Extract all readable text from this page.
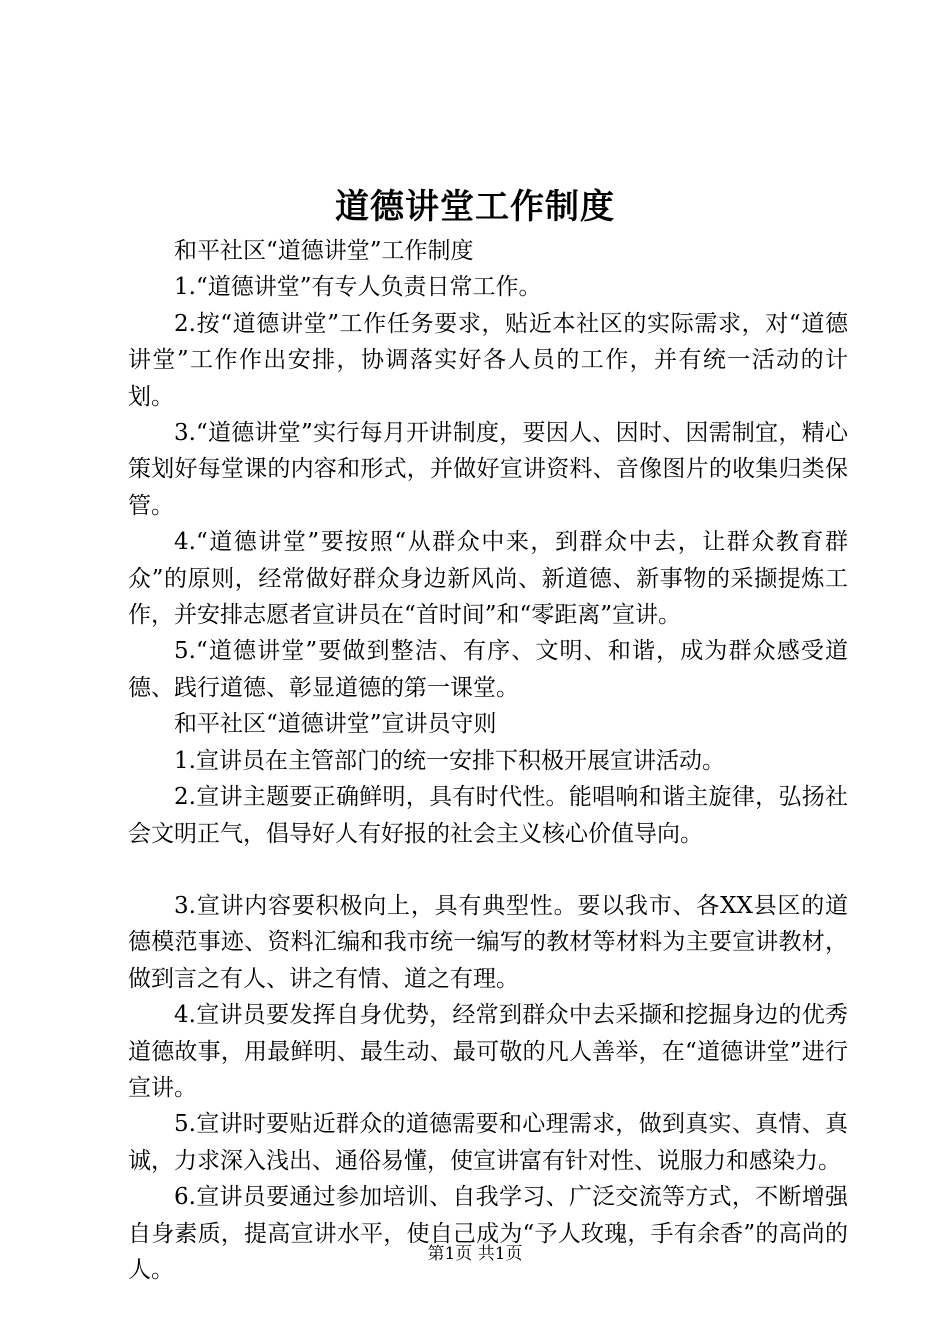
道德讲堂工作制度

和平社区“道德讲堂”工作制度

1.“道德讲堂”有专人负责日常工作。

2.按“道德讲堂”工作任务要求，贴近本社区的实际需求，对“道德讲堂”工作作出安排，协调落实好各人员的工作，并有统一活动的计划。

3.“道德讲堂”实行每月开讲制度，要因人、因时、因需制宜，精心策划好每堂课的内容和形式，并做好宣讲资料、音像图片的收集归类保管。

4.“道德讲堂”要按照“从群众中来，到群众中去，让群众教育群众”的原则，经常做好群众身边新风尚、新道德、新事物的采撷提炼工作，并安排志愿者宣讲员在“首时间”和“零距离”宣讲。

5.“道德讲堂”要做到整洁、有序、文明、和谐，成为群众感受道德、践行道德、彰显道德的第一课堂。

和平社区“道德讲堂”宣讲员守则

1.宣讲员在主管部门的统一安排下积极开展宣讲活动。

2.宣讲主题要正确鲜明，具有时代性。能唱响和谐主旋律，弘扬社会文明正气，倡导好人有好报的社会主义核心价值导向。

3.宣讲内容要积极向上，具有典型性。要以我市、各XX县区的道德模范事迹、资料汇编和我市统一编写的教材等材料为主要宣讲教材，做到言之有人、讲之有情、道之有理。

4.宣讲员要发挥自身优势，经常到群众中去采撷和挖掘身边的优秀道德故事，用最鲜明、最生动、最可敬的凡人善举，在“道德讲堂”进行宣讲。

5.宣讲时要贴近群众的道德需要和心理需求，做到真实、真情、真诚，力求深入浅出、通俗易懂，使宣讲富有针对性、说服力和感染力。

6.宣讲员要通过参加培训、自我学习、广泛交流等方式，不断增强自身素质，提高宣讲水平，使自己成为“予人玫瑰，手有余香”的高尚的人。

第1页 共1页
